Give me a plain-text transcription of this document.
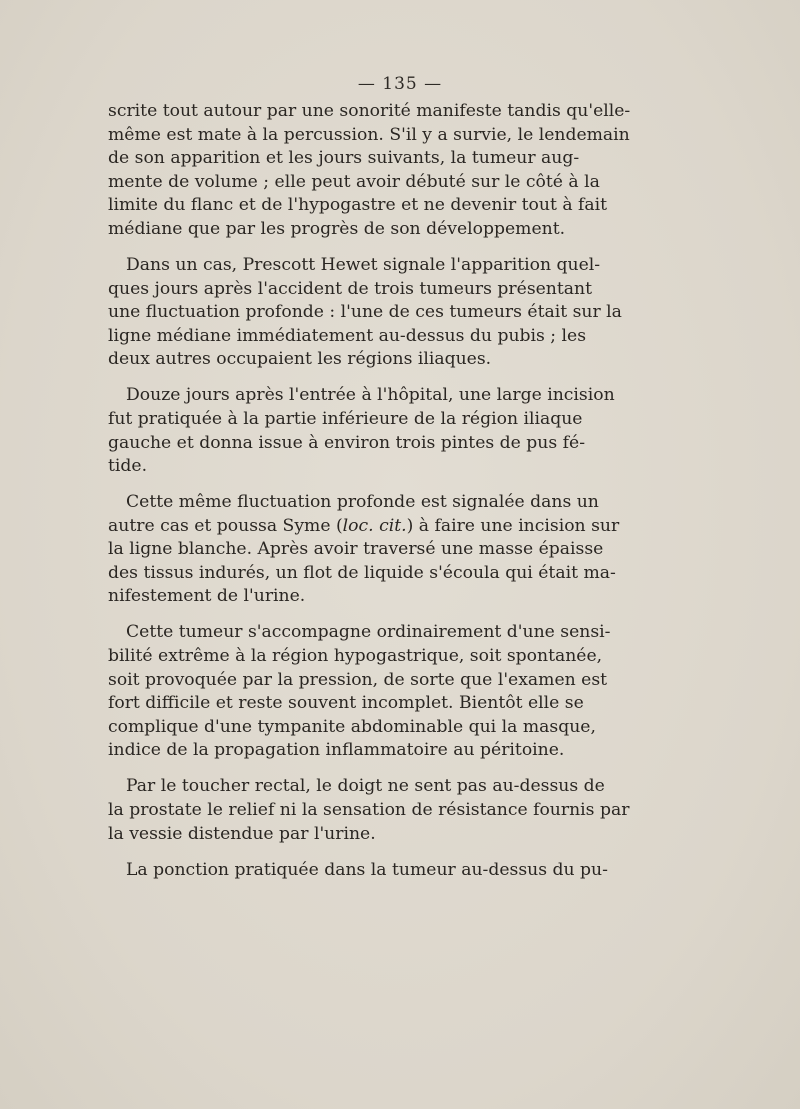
— 135 —

scrite tout autour par une sonorité manifeste tandis qu'elle-
même est mate à la percussion. S'il y a survie, le lendemain
de son apparition et les jours suivants, la tumeur aug-
mente de volume ; elle peut avoir débuté sur le côté à la
limite du flanc et de l'hypogastre et ne devenir tout à fait
médiane que par les progrès de son développement.

Dans un cas, Prescott Hewet signale l'apparition quel-
ques jours après l'accident de trois tumeurs présentant
une fluctuation profonde : l'une de ces tumeurs était sur la
ligne médiane immédiatement au-dessus du pubis ; les
deux autres occupaient les régions iliaques.

Douze jours après l'entrée à l'hôpital, une large incision
fut pratiquée à la partie inférieure de la région iliaque
gauche et donna issue à environ trois pintes de pus fé-
tide.

Cette même fluctuation profonde est signalée dans un
autre cas et poussa Syme (loc. cit.) à faire une incision sur
la ligne blanche. Après avoir traversé une masse épaisse
des tissus indurés, un flot de liquide s'écoula qui était ma-
nifestement de l'urine.

Cette tumeur s'accompagne ordinairement d'une sensi-
bilité extrême à la région hypogastrique, soit spontanée,
soit provoquée par la pression, de sorte que l'examen est
fort difficile et reste souvent incomplet. Bientôt elle se
complique d'une tympanite abdominable qui la masque,
indice de la propagation inflammatoire au péritoine.

Par le toucher rectal, le doigt ne sent pas au-dessus de
la prostate le relief ni la sensation de résistance fournis par
la vessie distendue par l'urine.

La ponction pratiquée dans la tumeur au-dessus du pu-
